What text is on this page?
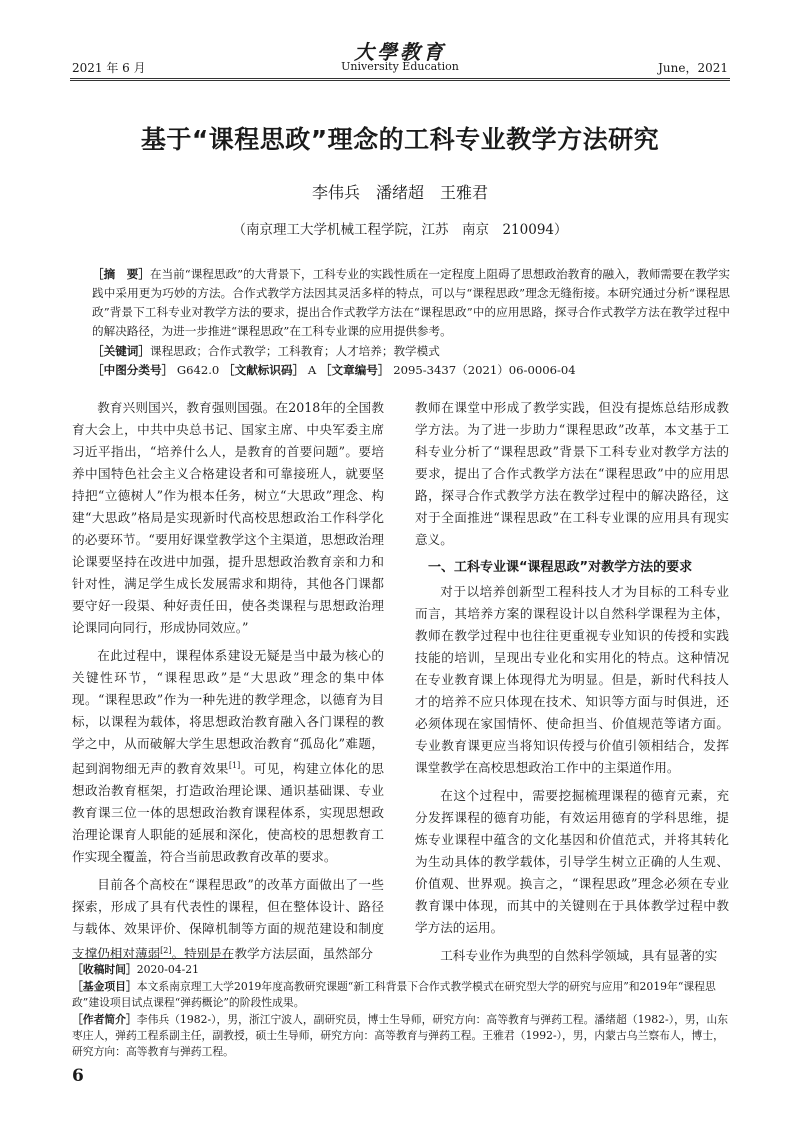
大學教育
University Education
2021 年 6 月	June，2021
基于“课程思政”理念的工科专业教学方法研究
李伟兵　潘绪超　王雅君
（南京理工大学机械工程学院，江苏　南京　210094）
［摘　要］在当前“课程思政”的大背景下，工科专业的实践性质在一定程度上阻碍了思想政治教育的融入，教师需要在教学实践中采用更为巧妙的方法。合作式教学方法因其灵活多样的特点，可以与“课程思政”理念无缝衔接。本研究通过分析“课程思政”背景下工科专业对教学方法的要求，提出合作式教学方法在“课程思政”中的应用思路，探寻合作式教学方法在教学过程中的解决路径，为进一步推进“课程思政”在工科专业课的应用提供参考。
［关键词］课程思政；合作式教学；工科教育；人才培养；教学模式
［中图分类号］ G642.0 ［文献标识码］ A ［文章编号］ 2095-3437（2021）06-0006-04

教育兴则国兴，教育强则国强。在2018年的全国教育大会上，中共中央总书记、国家主席、中央军委主席习近平指出，“培养什么人，是教育的首要问题”。要培养中国特色社会主义合格建设者和可靠接班人，就要坚持把“立德树人”作为根本任务，树立“大思政”理念、构建“大思政”格局是实现新时代高校思想政治工作科学化的必要环节。“要用好课堂教学这个主渠道，思想政治理论课要坚持在改进中加强，提升思想政治教育亲和力和针对性，满足学生成长发展需求和期待，其他各门课都要守好一段渠、种好责任田，使各类课程与思想政治理论课同向同行，形成协同效应。”

在此过程中，课程体系建设无疑是当中最为核心的关键性环节，“课程思政”是“大思政”理念的集中体现。“课程思政”作为一种先进的教学理念，以德育为目标，以课程为载体，将思想政治教育融入各门课程的教学之中，从而破解大学生思想政治教育“孤岛化”难题，起到润物细无声的教育效果[1]。可见，构建立体化的思想政治教育框架，打造政治理论课、通识基础课、专业教育课三位一体的思想政治教育课程体系，实现思想政治理论课育人职能的延展和深化，使高校的思想教育工作实现全覆盖，符合当前思政教育改革的要求。

目前各个高校在“课程思政”的改革方面做出了一些探索，形成了具有代表性的课程，但在整体设计、路径与载体、效果评价、保障机制等方面的规范建设和制度支撑仍相对薄弱[2]。特别是在教学方法层面，虽然部分

教师在课堂中形成了教学实践，但没有提炼总结形成教学方法。为了进一步助力“课程思政”改革，本文基于工科专业分析了“课程思政”背景下工科专业对教学方法的要求，提出了合作式教学方法在“课程思政”中的应用思路，探寻合作式教学方法在教学过程中的解决路径，这对于全面推进“课程思政”在工科专业课的应用具有现实意义。

一、工科专业课“课程思政”对教学方法的要求

对于以培养创新型工程科技人才为目标的工科专业而言，其培养方案的课程设计以自然科学课程为主体，教师在教学过程中也往往更重视专业知识的传授和实践技能的培训，呈现出专业化和实用化的特点。这种情况在专业教育课上体现得尤为明显。但是，新时代科技人才的培养不应只体现在技术、知识等方面与时俱进，还必须体现在家国情怀、使命担当、价值规范等诸方面。专业教育课更应当将知识传授与价值引领相结合，发挥课堂教学在高校思想政治工作中的主渠道作用。

在这个过程中，需要挖掘梳理课程的德育元素，充分发挥课程的德育功能，有效运用德育的学科思维，提炼专业课程中蕴含的文化基因和价值范式，并将其转化为生动具体的教学载体，引导学生树立正确的人生观、价值观、世界观。换言之，“课程思政”理念必须在专业教育课中体现，而其中的关键则在于具体教学过程中教学方法的运用。

工科专业作为典型的自然科学领域，具有显著的实

［收稿时间］2020-04-21
［基金项目］本文系南京理工大学2019年度高教研究课题“新工科背景下合作式教学模式在研究型大学的研究与应用”和2019年“课程思政”建设项目试点课程“弹药概论”的阶段性成果。
［作者简介］李伟兵（1982-），男，浙江宁波人，副研究员，博士生导师，研究方向：高等教育与弹药工程。潘绪超（1982-），男，山东枣庄人，弹药工程系副主任，副教授，硕士生导师，研究方向：高等教育与弹药工程。王雅君（1992-），男，内蒙古乌兰察布人，博士，研究方向：高等教育与弹药工程。
6
